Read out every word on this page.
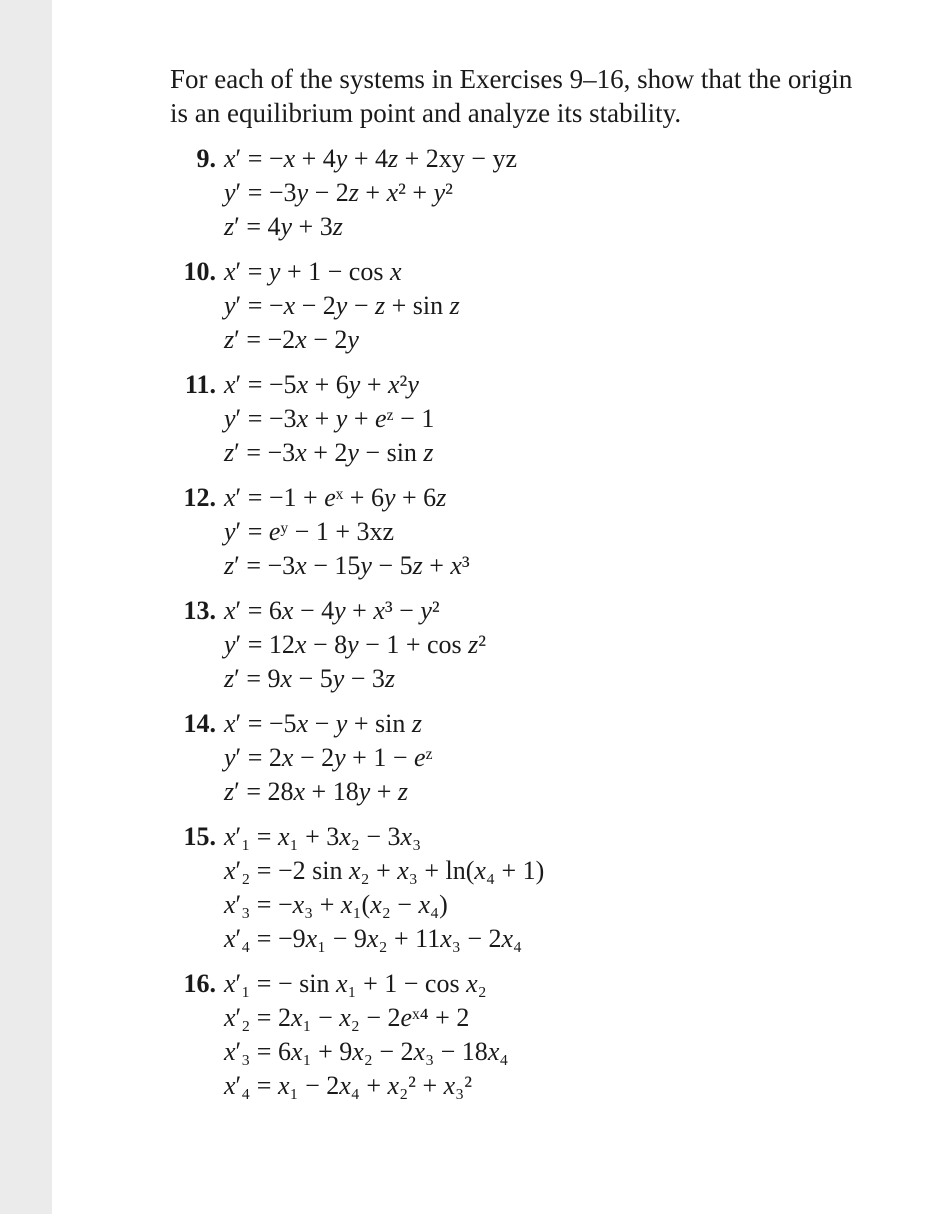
For each of the systems in Exercises 9–16, show that the origin
is an equilibrium point and analyze its stability.

9. x′ = −x + 4y + 4z + 2xy − yz
y′ = −3y − 2z + x² + y²
z′ = 4y + 3z
10. x′ = y + 1 − cos x
y′ = −x − 2y − z + sin z
z′ = −2x − 2y
11. x′ = −5x + 6y + x²y
y′ = −3x + y + eᶻ − 1
z′ = −3x + 2y − sin z
12. x′ = −1 + eˣ + 6y + 6z
y′ = eʸ − 1 + 3xz
z′ = −3x − 15y − 5z + x³
13. x′ = 6x − 4y + x³ − y²
y′ = 12x − 8y − 1 + cos z²
z′ = 9x − 5y − 3z
14. x′ = −5x − y + sin z
y′ = 2x − 2y + 1 − eᶻ
z′ = 28x + 18y + z
15. x′₁ = x₁ + 3x₂ − 3x₃
x′₂ = −2 sin x₂ + x₃ + ln(x₄ + 1)
x′₃ = −x₃ + x₁(x₂ − x₄)
x′₄ = −9x₁ − 9x₂ + 11x₃ − 2x₄
16. x′₁ = − sin x₁ + 1 − cos x₂
x′₂ = 2x₁ − x₂ − 2eˣ⁴ + 2
x′₃ = 6x₁ + 9x₂ − 2x₃ − 18x₄
x′₄ = x₁ − 2x₄ + x₂² + x₃²
